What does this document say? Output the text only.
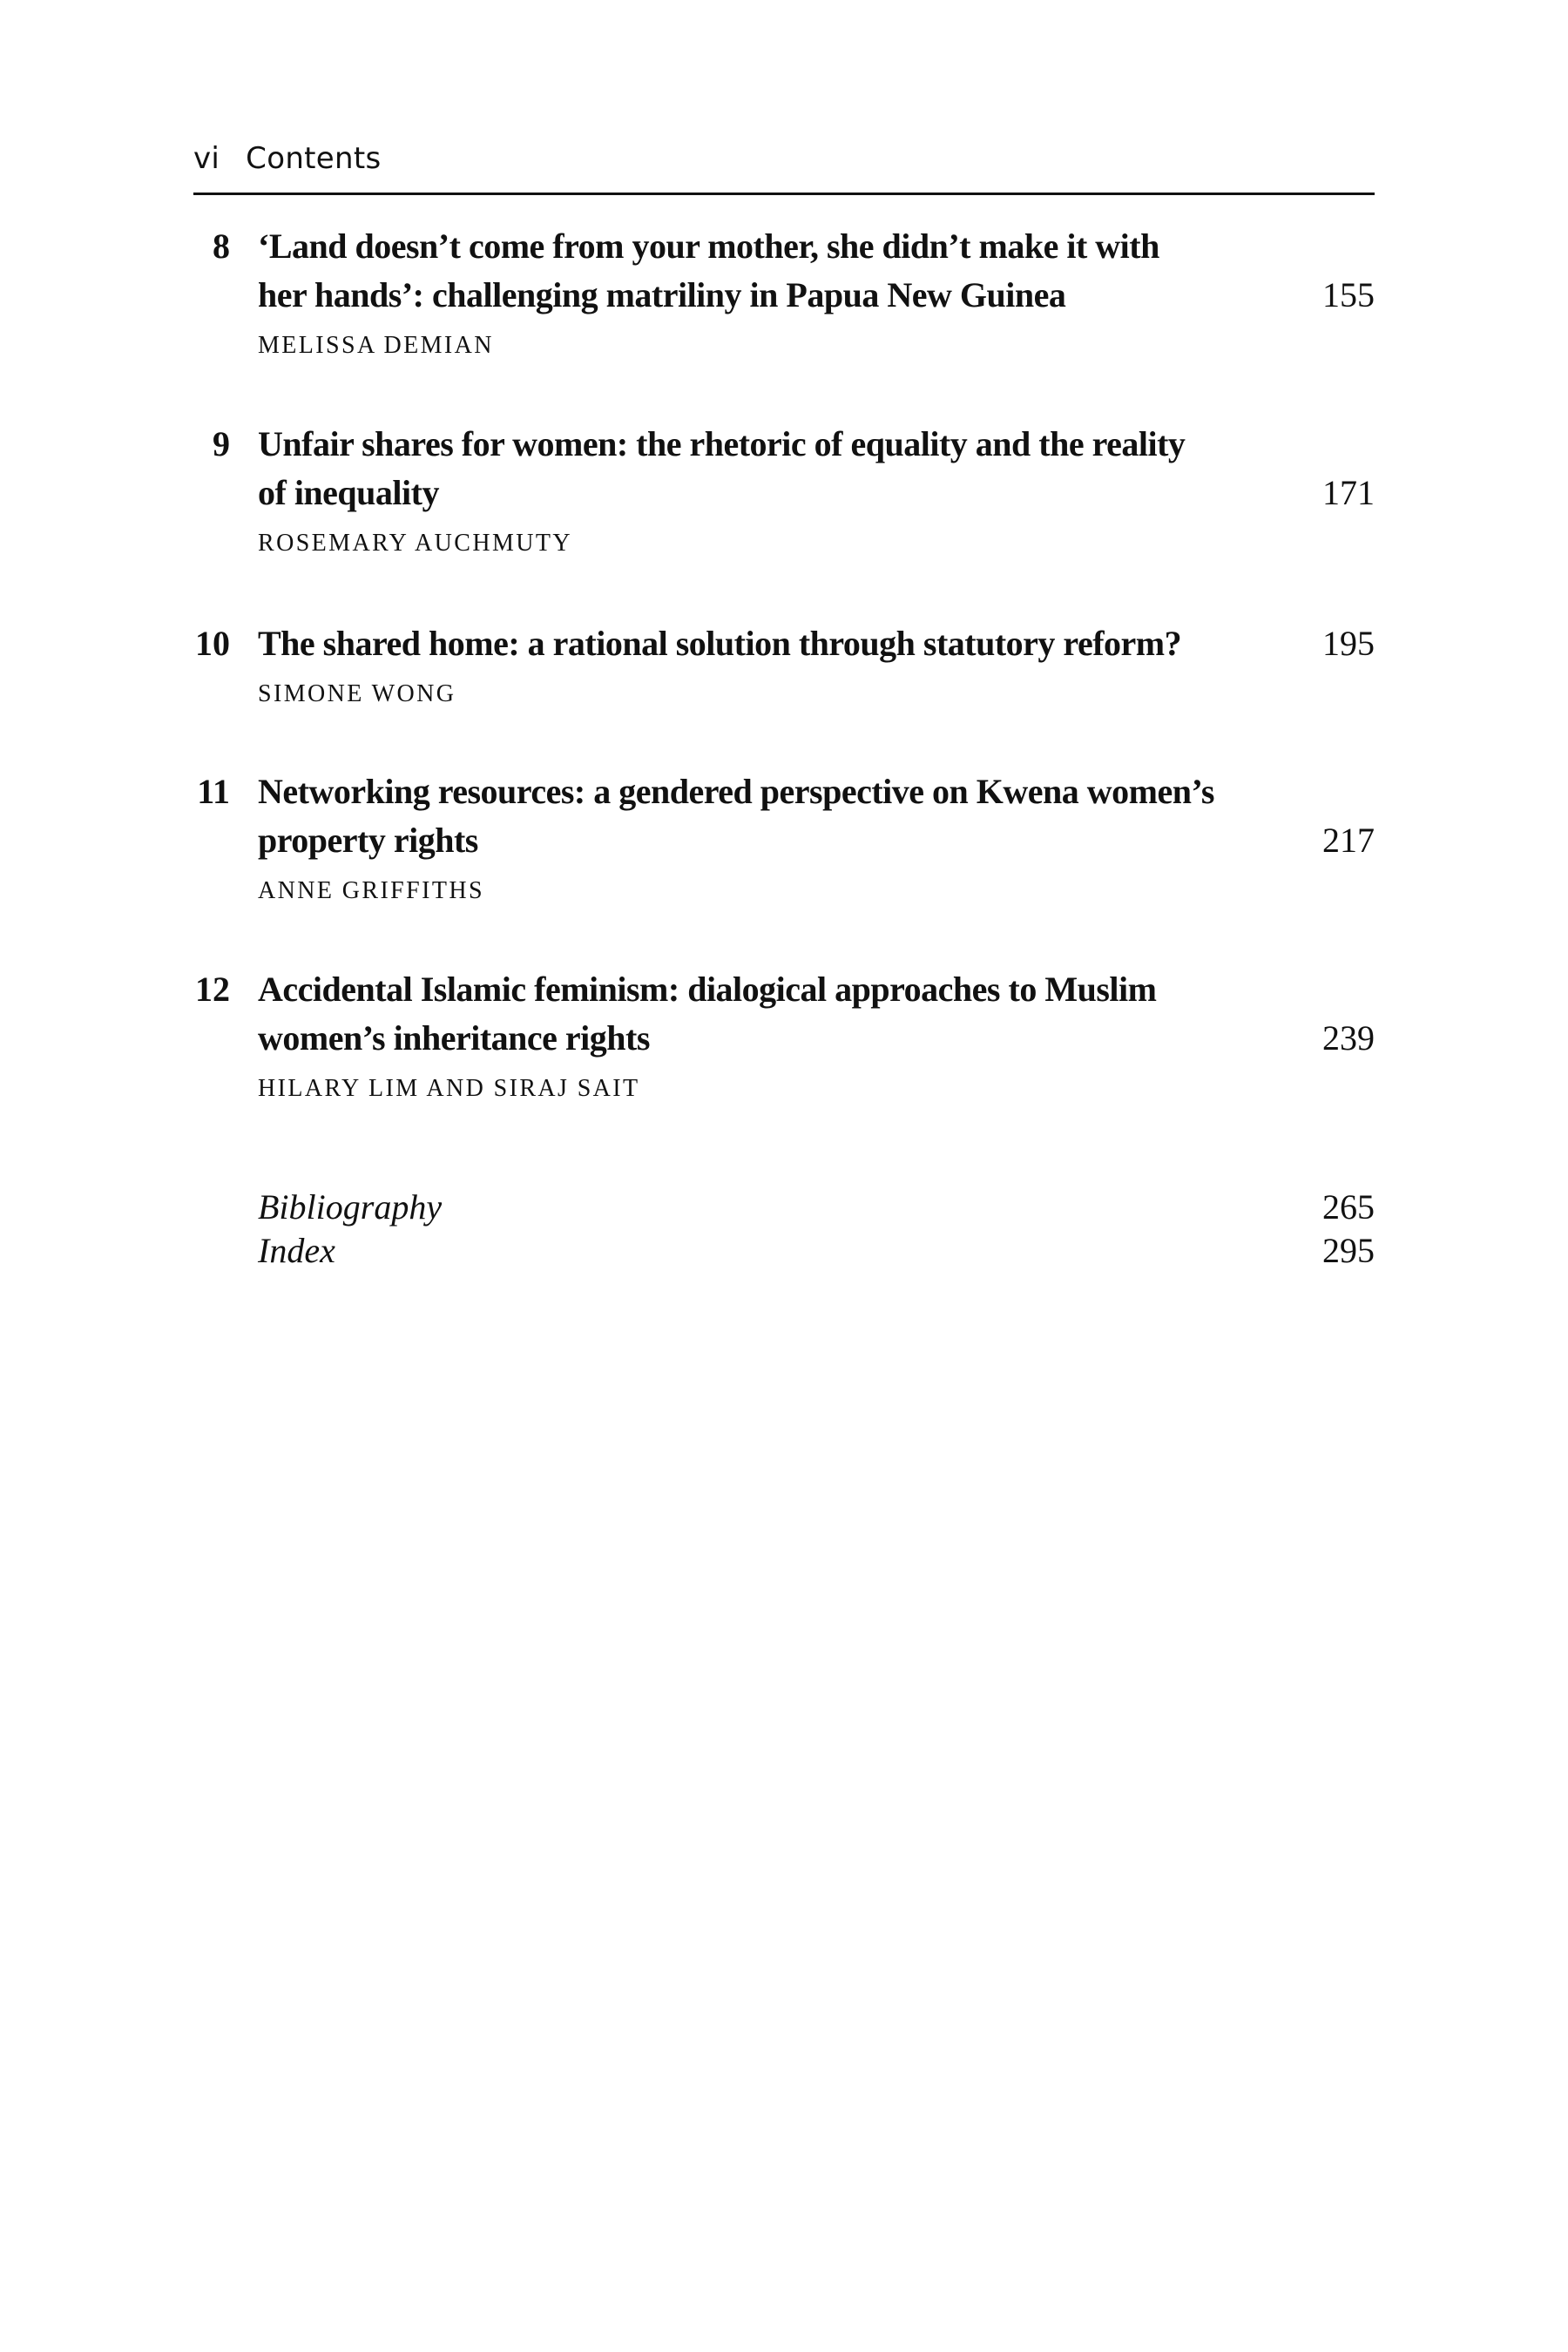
vi Contents
8 ‘Land doesn’t come from your mother, she didn’t make it with
her hands’: challenging matriliny in Papua New Guinea	155
MELISSA DEMIAN
9 Unfair shares for women: the rhetoric of equality and the reality
of inequality	171
ROSEMARY AUCHMUTY
10 The shared home: a rational solution through statutory reform?	195
SIMONE WONG
11 Networking resources: a gendered perspective on Kwena women’s
property rights	217
ANNE GRIFFITHS
12 Accidental Islamic feminism: dialogical approaches to Muslim
women’s inheritance rights	239
HILARY LIM AND SIRAJ SAIT
Bibliography	265
Index	295
